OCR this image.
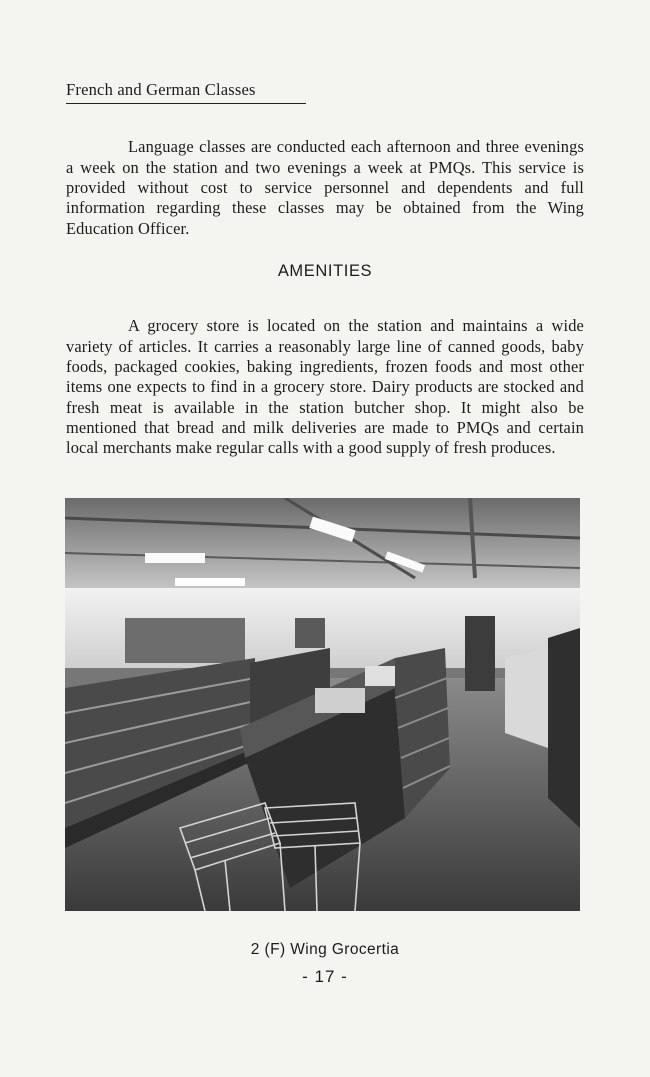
French and German Classes

Language classes are conducted each afternoon and three evenings a week on the station and two evenings a week at PMQs. This service is provided without cost to service personnel and dependents and full information regarding these classes may be obtained from the Wing Education Officer.

AMENITIES

A grocery store is located on the station and maintains a wide variety of articles. It carries a reasonably large line of canned goods, baby foods, packaged cookies, baking ingredients, frozen foods and most other items one expects to find in a grocery store. Dairy products are stocked and fresh meat is available in the station butcher shop. It might also be mentioned that bread and milk deliveries are made to PMQs and certain local merchants make regular calls with a good supply of fresh produces.

2 (F) Wing Grocertia
- 17 -
